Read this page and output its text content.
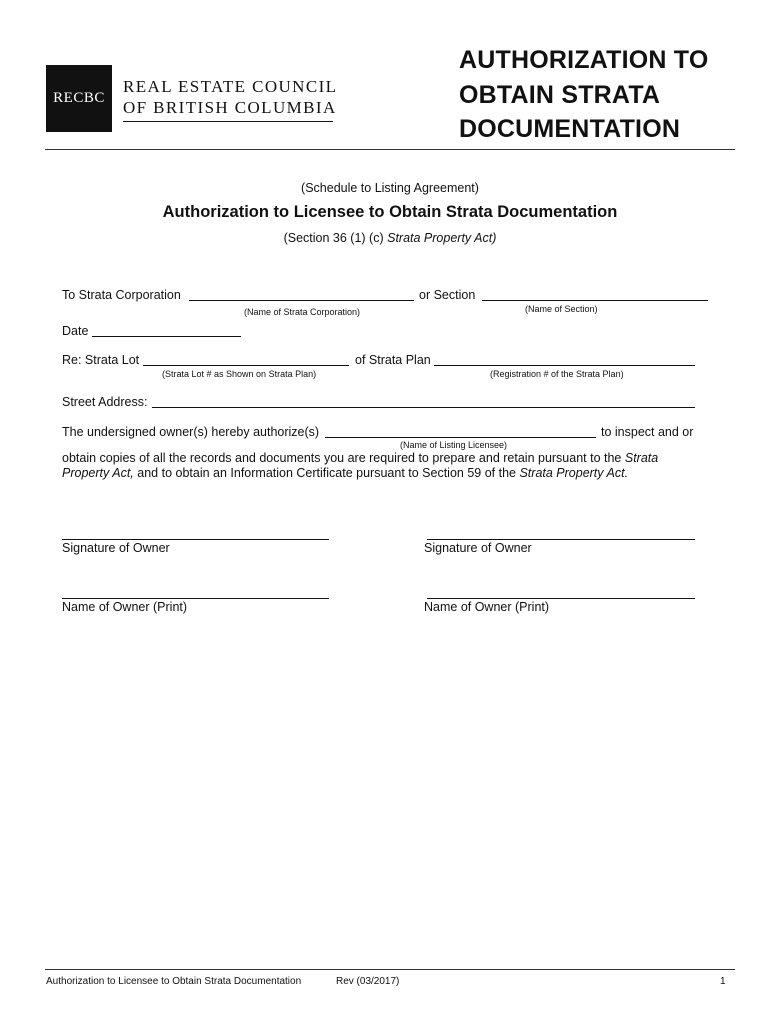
RECBC
REAL ESTATE COUNCIL
OF BRITISH COLUMBIA
AUTHORIZATION TO
OBTAIN STRATA
DOCUMENTATION
(Schedule to Listing Agreement)
Authorization to Licensee to Obtain Strata Documentation
(Section 36 (1) (c) Strata Property Act)
To Strata Corporation
(Name of Strata Corporation)
or Section
(Name of Section)
Date
Re: Strata Lot
(Strata Lot # as Shown on Strata Plan)
of Strata Plan
(Registration # of the Strata Plan)
Street Address:
The undersigned owner(s) hereby authorize(s)
(Name of Listing Licensee)
to inspect and or
obtain copies of all the records and documents you are required to prepare and retain pursuant to the Strata
Property Act, and to obtain an Information Certificate pursuant to Section 59 of the Strata Property Act.
Signature of Owner	Signature of Owner
Name of Owner (Print)	Name of Owner (Print)
Authorization to Licensee to Obtain Strata Documentation	Rev (03/2017)	1
